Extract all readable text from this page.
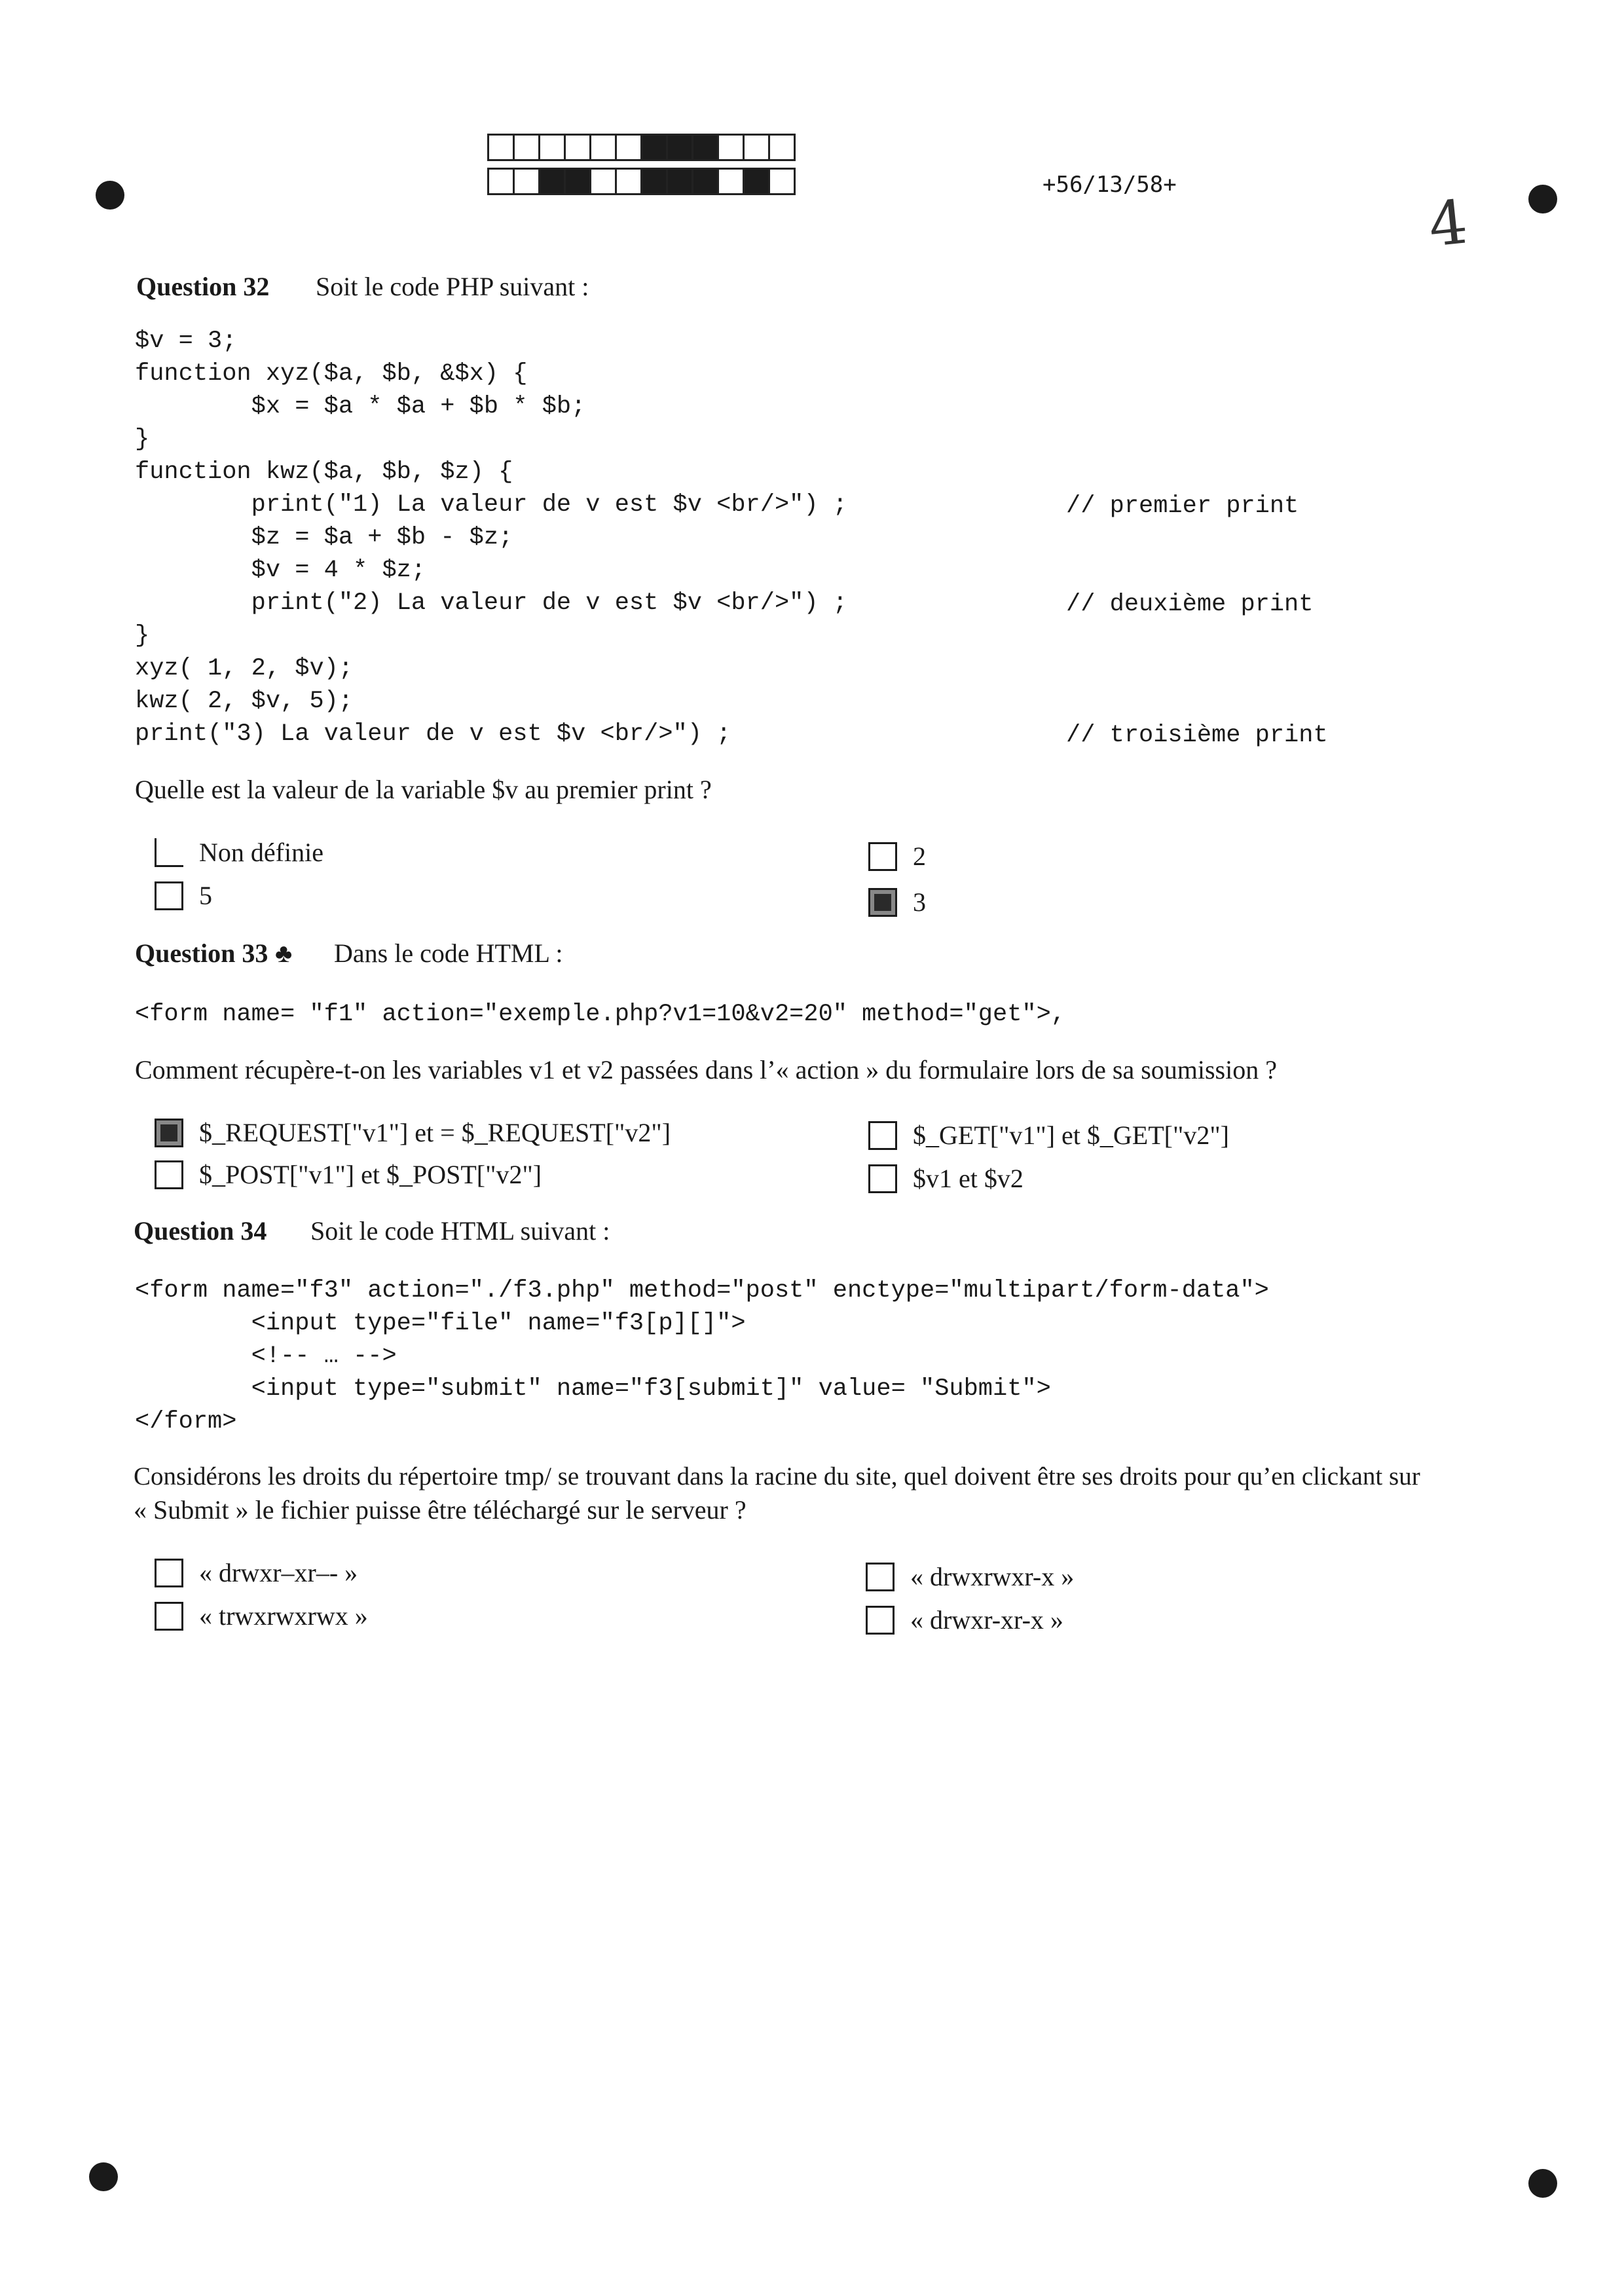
+56/13/58+
4
Question 32 Soit le code PHP suivant :
$v = 3;
function xyz($a, $b, &$x) {
$x = $a * $a + $b * $b;
}
function kwz($a, $b, $z) {
print("1) La valeur de v est $v <br/>") ;
$z = $a + $b - $z;
$v = 4 * $z;
print("2) La valeur de v est $v <br/>") ;
}
xyz( 1, 2, $v);
kwz( 2, $v, 5);
print("3) La valeur de v est $v <br/>") ;
// premier print
// deuxième print
// troisième print
Quelle est la valeur de la variable $v au premier print ?
Non définie
5
2
3
Question 33 ♣ Dans le code HTML :
<form name= "f1" action="exemple.php?v1=10&v2=20" method="get">,
Comment récupère-t-on les variables v1 et v2 passées dans l’« action » du formulaire lors de sa soumission ?
$_REQUEST["v1"] et = $_REQUEST["v2"]
$_POST["v1"] et $_POST["v2"]
$_GET["v1"] et $_GET["v2"]
$v1 et $v2
Question 34 Soit le code HTML suivant :
<form name="f3" action="./f3.php" method="post" enctype="multipart/form-data">
<input type="file" name="f3[p][]">
<!-- … -->
<input type="submit" name="f3[submit]" value= "Submit">
</form>
Considérons les droits du répertoire tmp/ se trouvant dans la racine du site, quel doivent être ses droits pour qu’en clickant sur
« Submit » le fichier puisse être téléchargé sur le serveur ?
« drwxr–xr–- »
« trwxrwxrwx »
« drwxrwxr-x »
« drwxr-xr-x »
